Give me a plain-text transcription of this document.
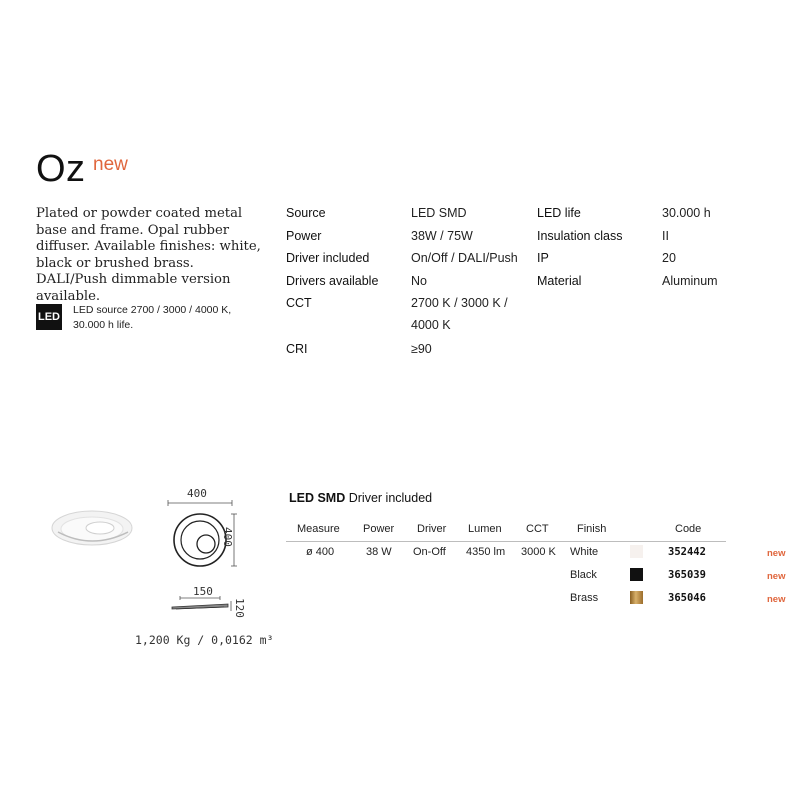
Oz new
Plated or powder coated metal base and frame. Opal rubber diffuser. Available finishes: white, black or brushed brass. DALI/Push dimmable version available.
LED
LED source 2700 / 3000 / 4000 K, 30.000 h life.
Source	LED SMD
Power	38W / 75W
Driver included	On/Off / DALI/Push
Drivers available	No
CCT	2700 K / 3000 K / 4000 K
CRI	≥90
LED life	30.000 h
Insulation class	II
IP	20
Material	Aluminum
400
400
150
120
1,200 Kg / 0,0162 m³
LED SMD Driver included
Measure Power Driver Lumen CCT	Finish	Code
ø 400	38 W On-Off 4350 lm 3000 K White	352442	new
Black	365039	new
Brass	365046	new
